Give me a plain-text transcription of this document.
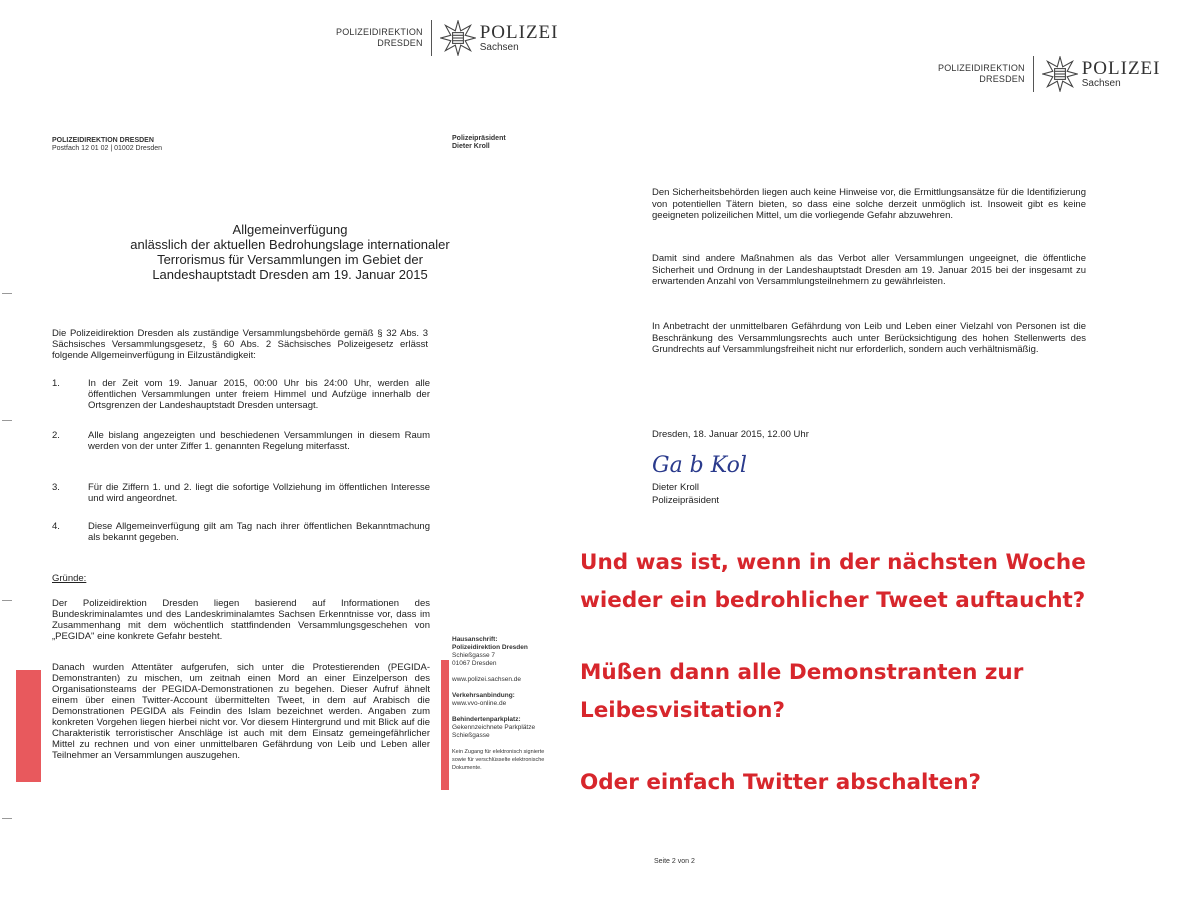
POLIZEIDIREKTION
DRESDEN	POLIZEI
Sachsen
POLIZEIDIREKTION DRESDEN
Postfach 12 01 02 | 01002 Dresden
Polizeipräsident
Dieter Kroll
Allgemeinverfügung
anlässlich der aktuellen Bedrohungslage internationaler
Terrorismus für Versammlungen im Gebiet der
Landeshauptstadt Dresden am 19. Januar 2015
Die Polizeidirektion Dresden als zuständige Versammlungsbehörde gemäß § 32 Abs. 3 Sächsisches Versammlungsgesetz, § 60 Abs. 2 Sächsisches Polizeigesetz erlässt folgende Allgemeinverfügung in Eilzuständigkeit:
1.	In der Zeit vom 19. Januar 2015, 00:00 Uhr bis 24:00 Uhr, werden alle öffentlichen Versammlungen unter freiem Himmel und Aufzüge innerhalb der Ortsgrenzen der Landeshauptstadt Dresden untersagt.
2.	Alle bislang angezeigten und beschiedenen Versammlungen in diesem Raum werden von der unter Ziffer 1. genannten Regelung miterfasst.
3.	Für die Ziffern 1. und 2. liegt die sofortige Vollziehung im öffentlichen Interesse und wird angeordnet.
4.	Diese Allgemeinverfügung gilt am Tag nach ihrer öffentlichen Bekanntmachung als bekannt gegeben.
Gründe:
Der Polizeidirektion Dresden liegen basierend auf Informationen des Bundeskriminalamtes und des Landeskriminalamtes Sachsen Erkenntnisse vor, dass im Zusammenhang mit dem wöchentlich stattfindenden Versammlungsgeschehen von „PEGIDA" eine konkrete Gefahr besteht.
Danach wurden Attentäter aufgerufen, sich unter die Protestierenden (PEGIDA-Demonstranten) zu mischen, um zeitnah einen Mord an einer Einzelperson des Organisationsteams der PEGIDA-Demonstrationen zu begehen. Dieser Aufruf ähnelt einem über einen Twitter-Account übermittelten Tweet, in dem auf Arabisch die Demonstrationen PEGIDA als Feindin des Islam bezeichnet werden. Angaben zum konkreten Vorgehen liegen hierbei nicht vor. Vor diesem Hintergrund und mit Blick auf die Charakteristik terroristischer Anschläge ist auch mit dem Einsatz gemeingefährlicher Mittel zu rechnen und von einer unmittelbaren Gefährdung von Leib und Leben aller Teilnehmer an Versammlungen auszugehen.
Hausanschrift:
Polizeidirektion Dresden
Schießgasse 7
01067 Dresden
www.polizei.sachsen.de
Verkehrsanbindung:
www.vvo-online.de
Behindertenparkplatz:
Gekennzeichnete Parkplätze
Schießgasse
Kein Zugang für elektronisch signierte
sowie für verschlüsselte elektronische
Dokumente.
POLIZEIDIREKTION
DRESDEN	POLIZEI
Sachsen
Den Sicherheitsbehörden liegen auch keine Hinweise vor, die Ermittlungsansätze für die Identifizierung von potentiellen Tätern bieten, so dass eine solche derzeit unmöglich ist. Insoweit gibt es keine geeigneten polizeilichen Mittel, um die vorliegende Gefahr abzuwehren.
Damit sind andere Maßnahmen als das Verbot aller Versammlungen ungeeignet, die öffentliche Sicherheit und Ordnung in der Landeshauptstadt Dresden am 19. Januar 2015 bei der insgesamt zu erwartenden Anzahl von Versammlungsteilnehmern zu gewährleisten.
In Anbetracht der unmittelbaren Gefährdung von Leib und Leben einer Vielzahl von Personen ist die Beschränkung des Versammlungsrechts auch unter Berücksichtigung des hohen Stellenwerts des Grundrechts auf Versammlungsfreiheit nicht nur erforderlich, sondern auch verhältnismäßig.
Dresden, 18. Januar 2015, 12.00 Uhr
Ga b Kol
Dieter Kroll
Polizeipräsident
Seite 2 von 2
Und was ist, wenn in der nächsten Woche
wieder ein bedrohlicher Tweet auftaucht?
Müßen dann alle Demonstranten zur
Leibesvisitation?
Oder einfach Twitter abschalten?
